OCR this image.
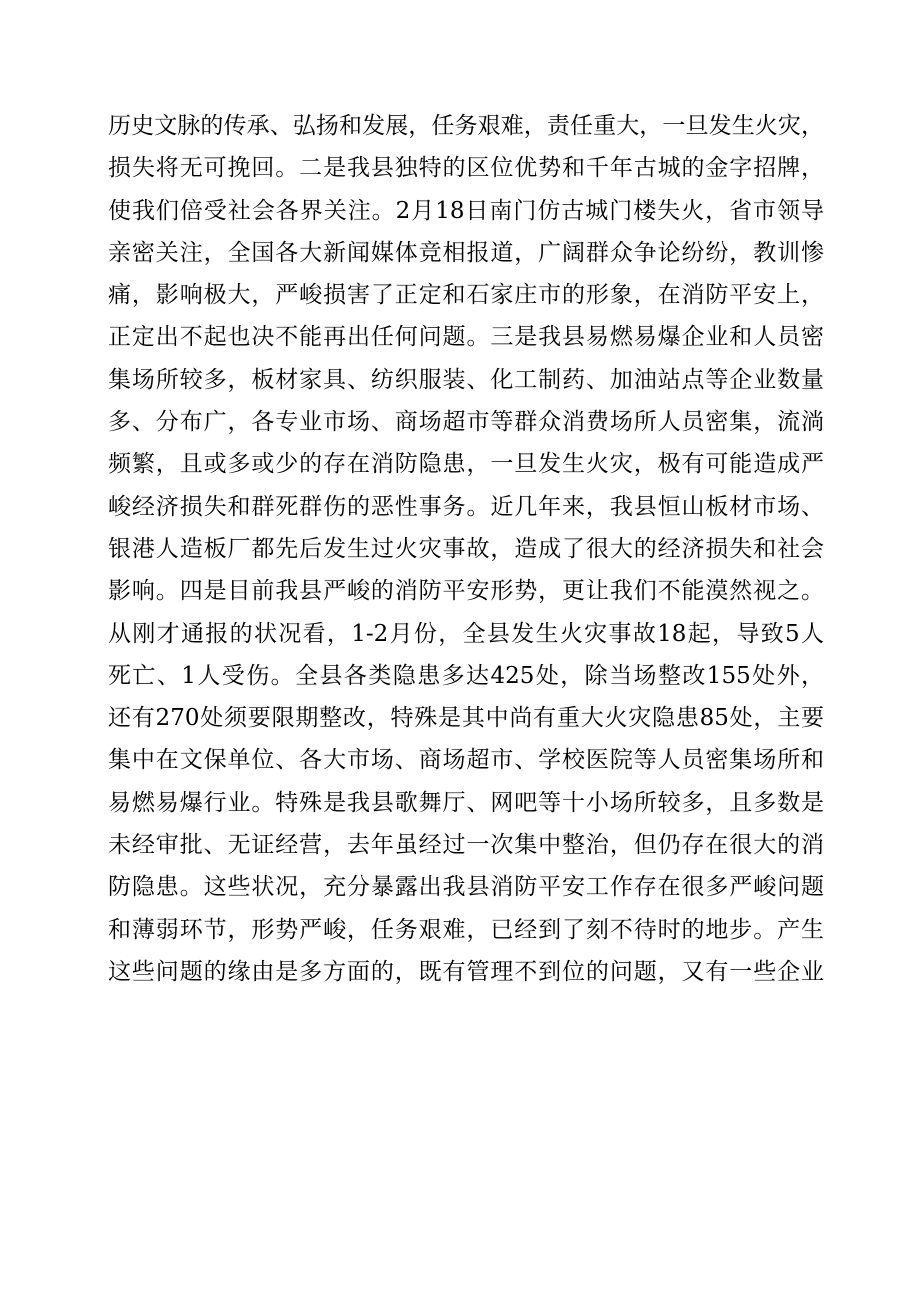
历史文脉的传承、弘扬和发展，任务艰难，责任重大，一旦发生火灾，
损失将无可挽回。二是我县独特的区位优势和千年古城的金字招牌，
使我们倍受社会各界关注。2月18日南门仿古城门楼失火，省市领导
亲密关注，全国各大新闻媒体竞相报道，广阔群众争论纷纷，教训惨
痛，影响极大，严峻损害了正定和石家庄市的形象，在消防平安上，
正定出不起也决不能再出任何问题。三是我县易燃易爆企业和人员密
集场所较多，板材家具、纺织服装、化工制药、加油站点等企业数量
多、分布广，各专业市场、商场超市等群众消费场所人员密集，流淌
频繁，且或多或少的存在消防隐患，一旦发生火灾，极有可能造成严
峻经济损失和群死群伤的恶性事务。近几年来，我县恒山板材市场、
银港人造板厂都先后发生过火灾事故，造成了很大的经济损失和社会
影响。四是目前我县严峻的消防平安形势，更让我们不能漠然视之。
从刚才通报的状况看，1-2月份，全县发生火灾事故18起，导致5人
死亡、1人受伤。全县各类隐患多达425处，除当场整改155处外，
还有270处须要限期整改，特殊是其中尚有重大火灾隐患85处，主要
集中在文保单位、各大市场、商场超市、学校医院等人员密集场所和
易燃易爆行业。特殊是我县歌舞厅、网吧等十小场所较多，且多数是
未经审批、无证经营，去年虽经过一次集中整治，但仍存在很大的消
防隐患。这些状况，充分暴露出我县消防平安工作存在很多严峻问题
和薄弱环节，形势严峻，任务艰难，已经到了刻不待时的地步。产生
这些问题的缘由是多方面的，既有管理不到位的问题，又有一些企业
